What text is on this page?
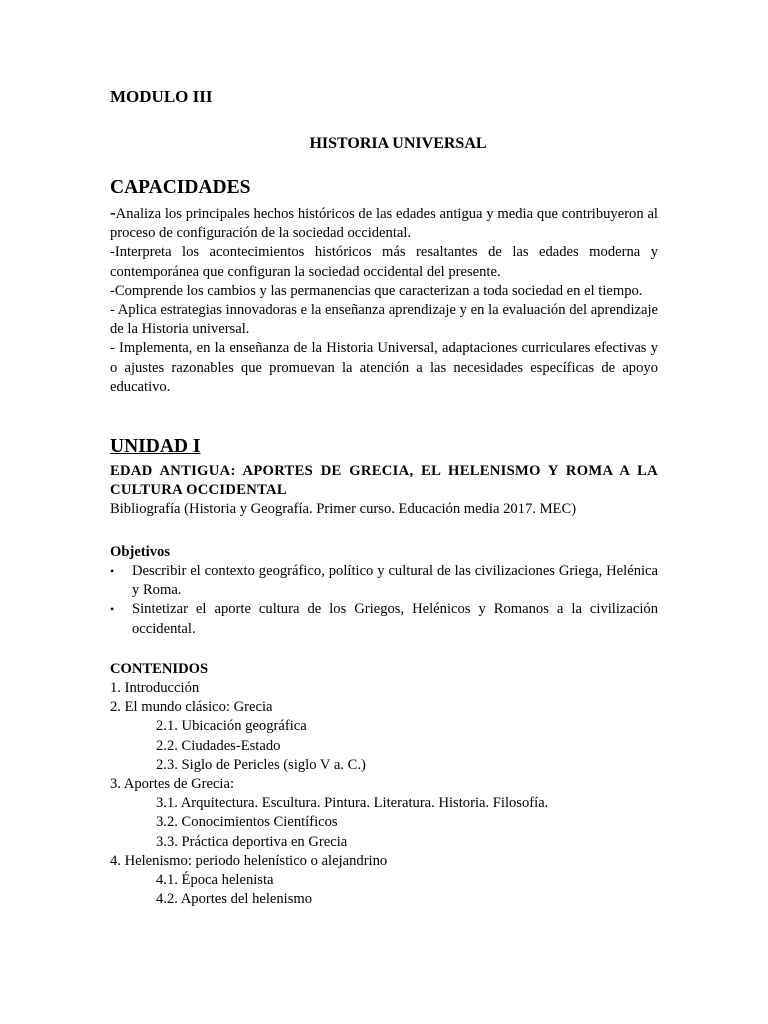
MODULO III
HISTORIA UNIVERSAL
CAPACIDADES
-Analiza los principales hechos históricos de las edades antigua y media que contribuyeron al proceso de configuración de la sociedad occidental.
-Interpreta los acontecimientos históricos más resaltantes de las edades moderna y contemporánea que configuran la sociedad occidental del presente.
-Comprende los cambios y las permanencias que caracterizan a toda sociedad en el tiempo.
- Aplica estrategias innovadoras e la enseñanza aprendizaje y en la evaluación del aprendizaje de la Historia universal.
- Implementa, en la enseñanza de la Historia Universal, adaptaciones curriculares efectivas y o ajustes razonables que promuevan la atención a las necesidades específicas de apoyo educativo.
UNIDAD I
EDAD ANTIGUA: APORTES DE GRECIA, EL HELENISMO Y ROMA A LA CULTURA OCCIDENTAL
Bibliografía (Historia y Geografía. Primer curso. Educación media 2017. MEC)
Objetivos
• Describir el contexto geográfico, político y cultural de las civilizaciones Griega, Helénica y Roma.
• Sintetizar el aporte cultura de los Griegos, Helénicos y Romanos a la civilización occidental.
CONTENIDOS
1. Introducción
2. El mundo clásico: Grecia
2.1. Ubicación geográfica
2.2. Ciudades-Estado
2.3. Siglo de Pericles (siglo V a. C.)
3. Aportes de Grecia:
3.1. Arquitectura. Escultura. Pintura. Literatura. Historia. Filosofía.
3.2. Conocimientos Científicos
3.3. Práctica deportiva en Grecia
4. Helenismo: periodo helenístico o alejandrino
4.1. Época helenista
4.2. Aportes del helenismo
